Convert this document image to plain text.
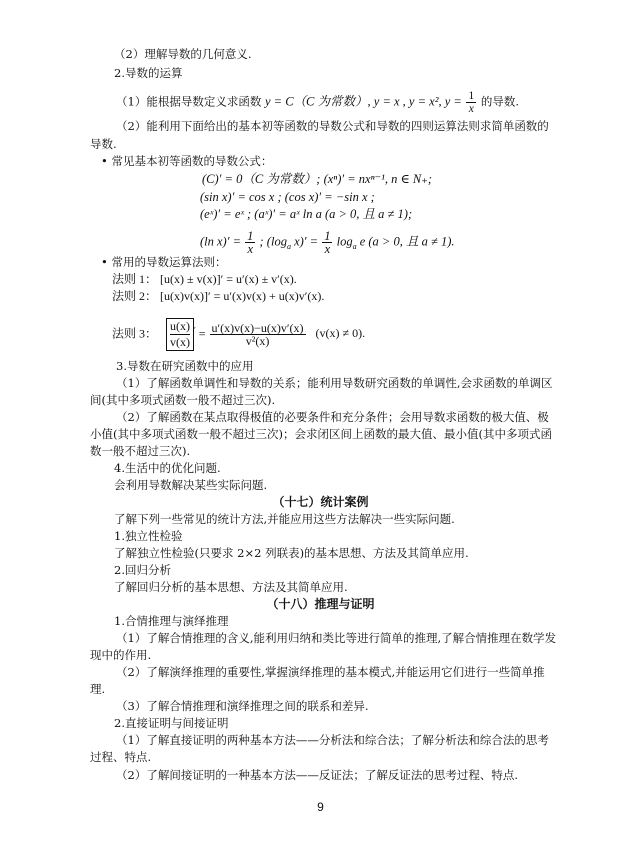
（2）理解导数的几何意义.
2.导数的运算
（1）能根据导数定义求函数 y = C（C 为常数）, y = x , y = x², $y = \frac{1}{x}$ 的导数.
（2）能利用下面给出的基本初等函数的导数公式和导数的四则运算法则求简单函数的
导数.
• 常见基本初等函数的导数公式：
(C)′ = 0（C 为常数）; (xⁿ)′ = nxⁿ⁻¹, n ∈ N₊;
(sin x)′ = cos x ; (cos x)′ = −sin x ;
(eˣ)′ = eˣ ; (aˣ)′ = aˣ ln a (a > 0, 且 a ≠ 1);
(ln $x)' = \frac{1}{x}$ ; ($\log_a$ $x)' = \frac{1}{x} \log_a e$ (a > 0, 且 a ≠ 1).
• 常用的导数运算法则：
法则 1： [u(x) ± v(x)]′ = u′(x) ± v′(x).
法则 2： [u(x)v(x)]′ = u′(x)v(x) + u(x)v′(x).
法则 3： $\frac{u(x)}{v(x)} ' = \frac{u'(x)v(x)-u(x)v'(x)}{\text{v²(x)}} (v(x) \ne 0)$.
3.导数在研究函数中的应用
（1）了解函数单调性和导数的关系；能利用导数研究函数的单调性,会求函数的单调区
间(其中多项式函数一般不超过三次).
（2）了解函数在某点取得极值的必要条件和充分条件；会用导数求函数的极大值、极
小值(其中多项式函数一般不超过三次)；会求闭区间上函数的最大值、最小值(其中多项式函
数一般不超过三次).
4.生活中的优化问题.
会利用导数解决某些实际问题.
（十七）统计案例
了解下列一些常见的统计方法,并能应用这些方法解决一些实际问题.
1.独立性检验
了解独立性检验(只要求 2×2 列联表)的基本思想、方法及其简单应用.
2.回归分析
了解回归分析的基本思想、方法及其简单应用.
（十八）推理与证明
1.合情推理与演绎推理
（1）了解合情推理的含义,能利用归纳和类比等进行简单的推理,了解合情推理在数学发
现中的作用.
（2）了解演绎推理的重要性,掌握演绎推理的基本模式,并能运用它们进行一些简单推
理.
（3）了解合情推理和演绎推理之间的联系和差异.
2.直接证明与间接证明
（1）了解直接证明的两种基本方法——分析法和综合法；了解分析法和综合法的思考
过程、特点.
（2）了解间接证明的一种基本方法——反证法；了解反证法的思考过程、特点.
9
